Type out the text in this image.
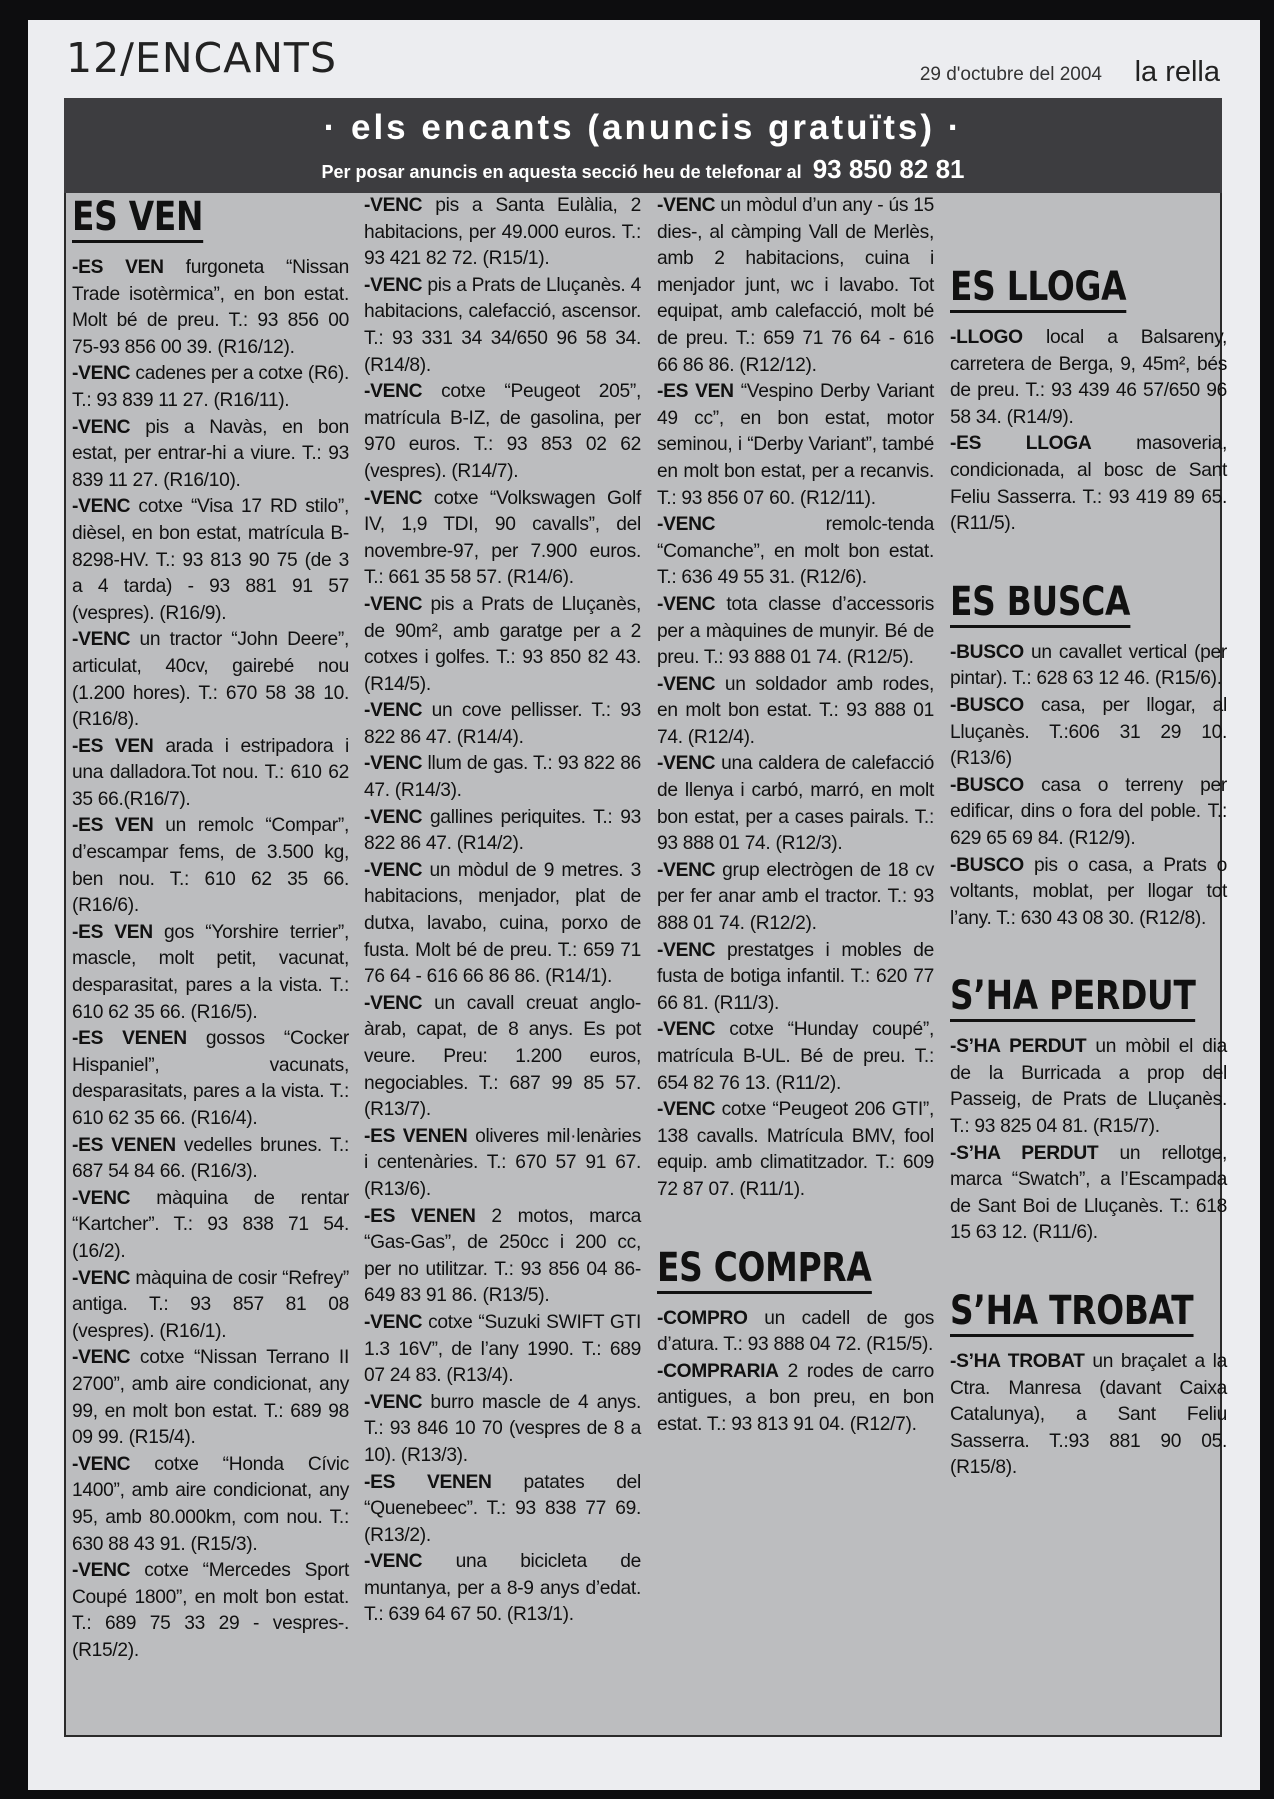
12/ENCANTS	29 d'octubre del 2004 la rella
· els encants (anuncis gratuïts) ·
Per posar anuncis en aquesta secció heu de telefonar al 93 850 82 81
ES VEN
-ES VEN furgoneta “Nissan Trade isotèrmica”, en bon estat. Molt bé de preu. T.: 93 856 00 75-93 856 00 39. (R16/12).
-VENC cadenes per a cotxe (R6). T.: 93 839 11 27. (R16/11).
-VENC pis a Navàs, en bon estat, per entrar-hi a viure. T.: 93 839 11 27. (R16/10).
-VENC cotxe “Visa 17 RD stilo”, dièsel, en bon estat, matrícula B-8298-HV. T.: 93 813 90 75 (de 3 a 4 tarda) - 93 881 91 57 (vespres). (R16/9).
-VENC un tractor “John Deere”, articulat, 40cv, gairebé nou (1.200 hores). T.: 670 58 38 10. (R16/8).
-ES VEN arada i estripadora i una dalladora.Tot nou. T.: 610 62 35 66.(R16/7).
-ES VEN un remolc “Compar”, d’escampar fems, de 3.500 kg, ben nou. T.: 610 62 35 66. (R16/6).
-ES VEN gos “Yorshire terrier”, mascle, molt petit, vacunat, desparasitat, pares a la vista. T.: 610 62 35 66. (R16/5).
-ES VENEN gossos “Cocker Hispaniel”, vacunats, desparasitats, pares a la vista. T.: 610 62 35 66. (R16/4).
-ES VENEN vedelles brunes. T.: 687 54 84 66. (R16/3).
-VENC màquina de rentar “Kartcher”. T.: 93 838 71 54. (16/2).
-VENC màquina de cosir “Refrey” antiga. T.: 93 857 81 08 (vespres). (R16/1).
-VENC cotxe “Nissan Terrano II 2700”, amb aire condicionat, any 99, en molt bon estat. T.: 689 98 09 99. (R15/4).
-VENC cotxe “Honda Cívic 1400”, amb aire condicionat, any 95, amb 80.000km, com nou. T.: 630 88 43 91. (R15/3).
-VENC cotxe “Mercedes Sport Coupé 1800”, en molt bon estat. T.: 689 75 33 29 - vespres-. (R15/2).
-VENC pis a Santa Eulàlia, 2 habitacions, per 49.000 euros. T.: 93 421 82 72. (R15/1).
-VENC pis a Prats de Lluçanès. 4 habitacions, calefacció, ascensor. T.: 93 331 34 34/650 96 58 34. (R14/8).
-VENC cotxe “Peugeot 205”, matrícula B-IZ, de gasolina, per 970 euros. T.: 93 853 02 62 (vespres). (R14/7).
-VENC cotxe “Volkswagen Golf IV, 1,9 TDI, 90 cavalls”, del novembre-97, per 7.900 euros. T.: 661 35 58 57. (R14/6).
-VENC pis a Prats de Lluçanès, de 90m², amb garatge per a 2 cotxes i golfes. T.: 93 850 82 43. (R14/5).
-VENC un cove pellisser. T.: 93 822 86 47. (R14/4).
-VENC llum de gas. T.: 93 822 86 47. (R14/3).
-VENC gallines periquites. T.: 93 822 86 47. (R14/2).
-VENC un mòdul de 9 metres. 3 habitacions, menjador, plat de dutxa, lavabo, cuina, porxo de fusta. Molt bé de preu. T.: 659 71 76 64 - 616 66 86 86. (R14/1).
-VENC un cavall creuat anglo-àrab, capat, de 8 anys. Es pot veure. Preu: 1.200 euros, negociables. T.: 687 99 85 57. (R13/7).
-ES VENEN oliveres mil·lenàries i centenàries. T.: 670 57 91 67. (R13/6).
-ES VENEN 2 motos, marca “Gas-Gas”, de 250cc i 200 cc, per no utilitzar. T.: 93 856 04 86-649 83 91 86. (R13/5).
-VENC cotxe “Suzuki SWIFT GTI 1.3 16V”, de l’any 1990. T.: 689 07 24 83. (R13/4).
-VENC burro mascle de 4 anys. T.: 93 846 10 70 (vespres de 8 a 10). (R13/3).
-ES VENEN patates del “Quenebeec”. T.: 93 838 77 69. (R13/2).
-VENC una bicicleta de muntanya, per a 8-9 anys d’edat. T.: 639 64 67 50. (R13/1).
-VENC un mòdul d’un any - ús 15 dies-, al càmping Vall de Merlès, amb 2 habitacions, cuina i menjador junt, wc i lavabo. Tot equipat, amb calefacció, molt bé de preu. T.: 659 71 76 64 - 616 66 86 86. (R12/12).
-ES VEN “Vespino Derby Variant 49 cc”, en bon estat, motor seminou, i “Derby Variant”, també en molt bon estat, per a recanvis. T.: 93 856 07 60. (R12/11).
-VENC remolc-tenda “Comanche”, en molt bon estat. T.: 636 49 55 31. (R12/6).
-VENC tota classe d’accessoris per a màquines de munyir. Bé de preu. T.: 93 888 01 74. (R12/5).
-VENC un soldador amb rodes, en molt bon estat. T.: 93 888 01 74. (R12/4).
-VENC una caldera de calefacció de llenya i carbó, marró, en molt bon estat, per a cases pairals. T.: 93 888 01 74. (R12/3).
-VENC grup electrògen de 18 cv per fer anar amb el tractor. T.: 93 888 01 74. (R12/2).
-VENC prestatges i mobles de fusta de botiga infantil. T.: 620 77 66 81. (R11/3).
-VENC cotxe “Hunday coupé”, matrícula B-UL. Bé de preu. T.: 654 82 76 13. (R11/2).
-VENC cotxe “Peugeot 206 GTI”, 138 cavalls. Matrícula BMV, fool equip. amb climatitzador. T.: 609 72 87 07. (R11/1).
ES COMPRA
-COMPRO un cadell de gos d’atura. T.: 93 888 04 72. (R15/5).
-COMPRARIA 2 rodes de carro antigues, a bon preu, en bon estat. T.: 93 813 91 04. (R12/7).
ES LLOGA
-LLOGO local a Balsareny, carretera de Berga, 9, 45m², bés de preu. T.: 93 439 46 57/650 96 58 34. (R14/9).
-ES LLOGA masoveria, condicionada, al bosc de Sant Feliu Sasserra. T.: 93 419 89 65. (R11/5).
ES BUSCA
-BUSCO un cavallet vertical (per pintar). T.: 628 63 12 46. (R15/6).
-BUSCO casa, per llogar, al Lluçanès. T.:606 31 29 10. (R13/6)
-BUSCO casa o terreny per edificar, dins o fora del poble. T.: 629 65 69 84. (R12/9).
-BUSCO pis o casa, a Prats o voltants, moblat, per llogar tot l’any. T.: 630 43 08 30. (R12/8).
S’HA PERDUT
-S’HA PERDUT un mòbil el dia de la Burricada a prop del Passeig, de Prats de Lluçanès. T.: 93 825 04 81. (R15/7).
-S’HA PERDUT un rellotge, marca “Swatch”, a l’Escampada de Sant Boi de Lluçanès. T.: 618 15 63 12. (R11/6).
S’HA TROBAT
-S’HA TROBAT un braçalet a la Ctra. Manresa (davant Caixa Catalunya), a Sant Feliu Sasserra. T.:93 881 90 05. (R15/8).
